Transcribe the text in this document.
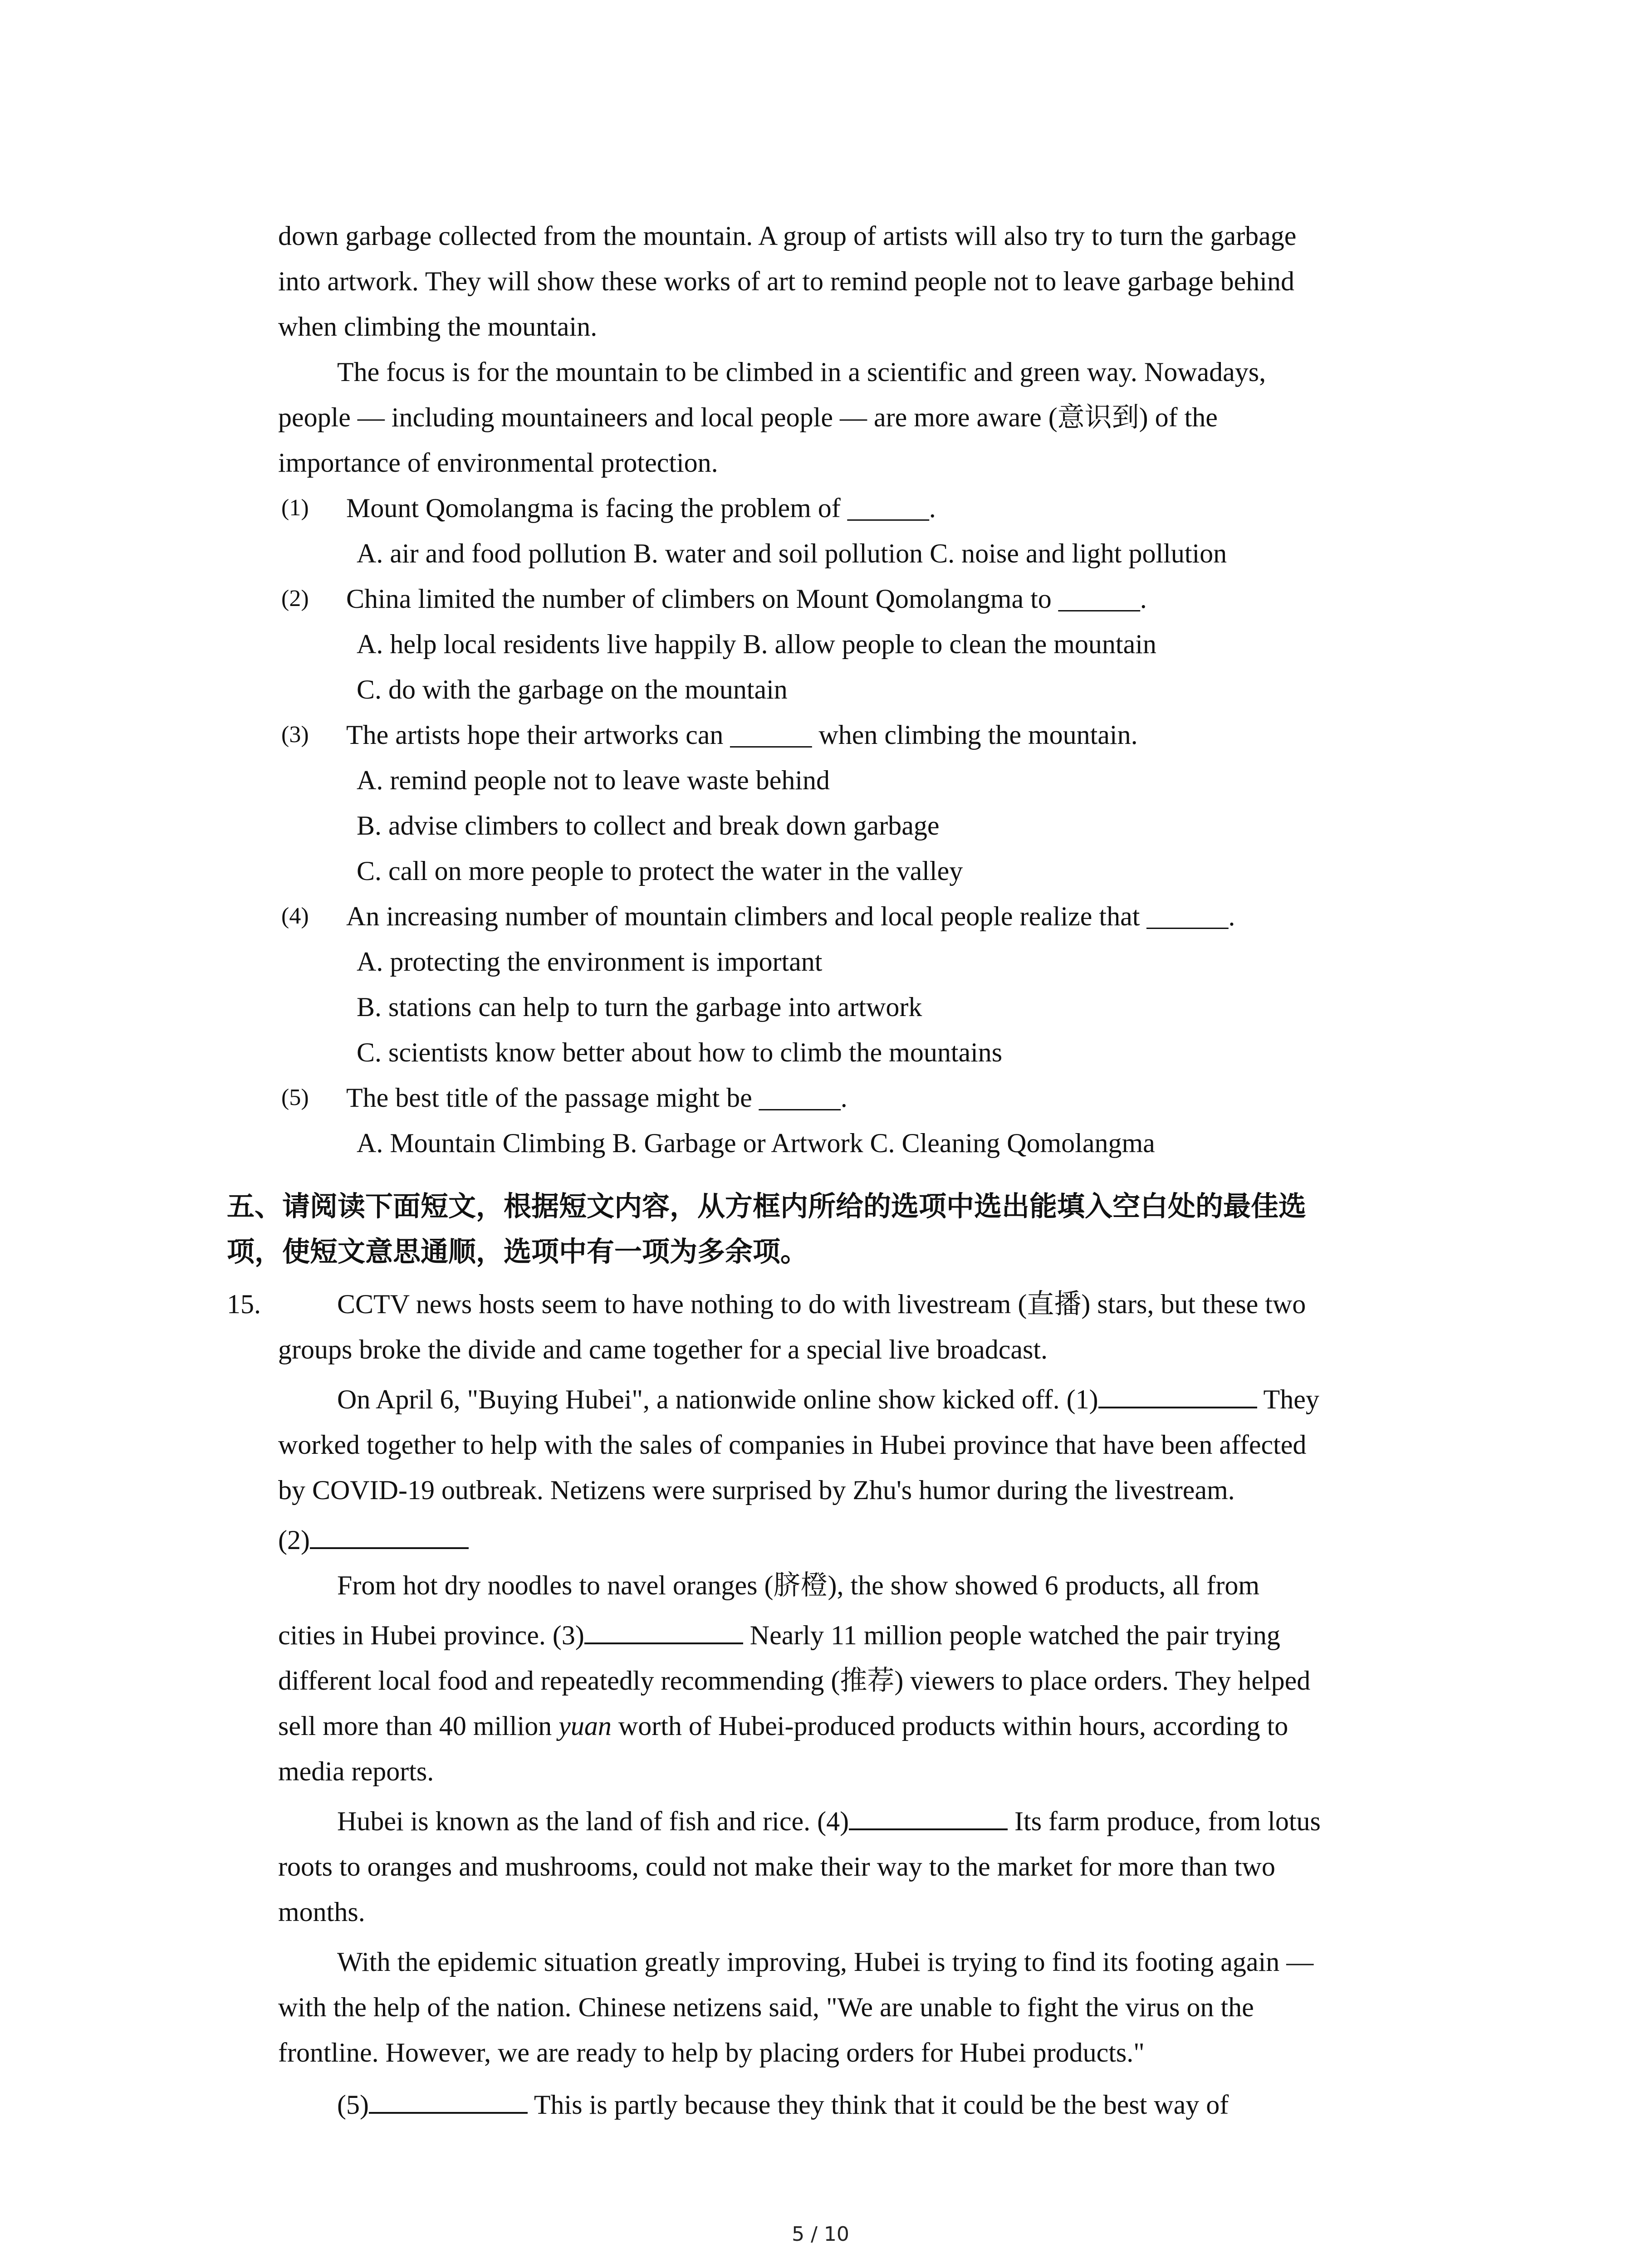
down garbage collected from the mountain. A group of artists will also try to turn the garbage
into artwork. They will show these works of art to remind people not to leave garbage behind
when climbing the mountain.
The focus is for the mountain to be climbed in a scientific and green way. Nowadays,
people — including mountaineers and local people — are more aware (意识到) of the
importance of environmental protection.
(1) Mount Qomolangma is facing the problem of ______.
A. air and food pollution B. water and soil pollution C. noise and light pollution
(2) China limited the number of climbers on Mount Qomolangma to ______.
A. help local residents live happily B. allow people to clean the mountain
C. do with the garbage on the mountain
(3) The artists hope their artworks can ______ when climbing the mountain.
A. remind people not to leave waste behind
B. advise climbers to collect and break down garbage
C. call on more people to protect the water in the valley
(4) An increasing number of mountain climbers and local people realize that ______.
A. protecting the environment is important
B. stations can help to turn the garbage into artwork
C. scientists know better about how to climb the mountains
(5) The best title of the passage might be ______.
A. Mountain Climbing B. Garbage or Artwork C. Cleaning Qomolangma
五、请阅读下面短文，根据短文内容，从方框内所给的选项中选出能填入空白处的最佳选
项，使短文意思通顺，选项中有一项为多余项。
15.	CCTV news hosts seem to have nothing to do with livestream (直播) stars, but these two
groups broke the divide and came together for a special live broadcast.
On April 6, "Buying Hubei", a nationwide online show kicked off. (1)	They
worked together to help with the sales of companies in Hubei province that have been affected
by COVID-19 outbreak. Netizens were surprised by Zhu's humor during the livestream.
(2)
From hot dry noodles to navel oranges (脐橙), the show showed 6 products, all from
cities in Hubei province. (3)	Nearly 11 million people watched the pair trying
different local food and repeatedly recommending (推荐) viewers to place orders. They helped
sell more than 40 million yuan worth of Hubei-produced products within hours, according to
media reports.
Hubei is known as the land of fish and rice. (4)	Its farm produce, from lotus
roots to oranges and mushrooms, could not make their way to the market for more than two
months.
With the epidemic situation greatly improving, Hubei is trying to find its footing again —
with the help of the nation. Chinese netizens said, "We are unable to fight the virus on the
frontline. However, we are ready to help by placing orders for Hubei products."
(5)	This is partly because they think that it could be the best way of
5 / 10
